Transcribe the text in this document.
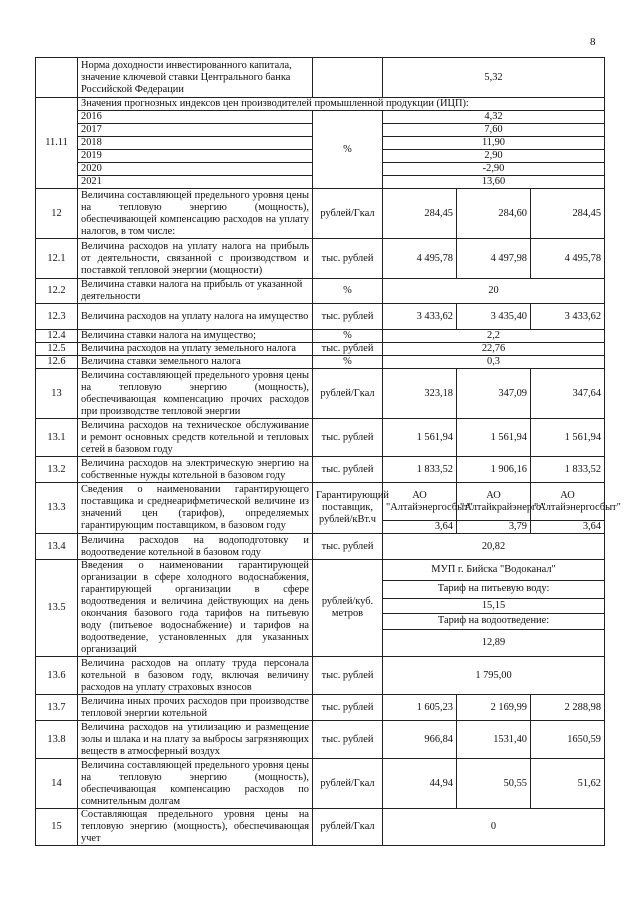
8
	Норма доходности инвестированного капитала, значение ключевой ставки Центрального банка Российской Федерации		5,32		
11.11	Значения прогнозных индексов цен производителей промышленной продукции (ИЦП):				
	2016	%	4,32		
	2017		7,60		
	2018		11,90		
	2019		2,90		
	2020		-2,90		
	2021		13,60		
12	Величина составляющей предельного уровня цены на тепловую энергию (мощность), обеспечивающей компенсацию расходов на уплату налогов, в том числе:	рублей/Гкал	284,45	284,60	284,45
12.1	Величина расходов на уплату налога на прибыль от деятельности, связанной с производством и поставкой тепловой энергии (мощности)	тыс. рублей	4 495,78	4 497,98	4 495,78
12.2	Величина ставки налога на прибыль от указанной деятельности	%	20		
12.3	Величина расходов на уплату налога на имущество	тыс. рублей	3 433,62	3 435,40	3 433,62
12.4	Величина ставки налога на имущество;	%	2,2		
12.5	Величина расходов на уплату земельного налога	тыс. рублей	22,76		
12.6	Величина ставки земельного налога	%	0,3		
13	Величина составляющей предельного уровня цены на тепловую энергию (мощность), обеспечивающая компенсацию прочих расходов при производстве тепловой энергии	рублей/Гкал	323,18	347,09	347,64
13.1	Величина расходов на техническое обслуживание и ремонт основных средств котельной и тепловых сетей в базовом году	тыс. рублей	1 561,94	1 561,94	1 561,94
13.2	Величина расходов на электрическую энергию на собственные нужды котельной в базовом году	тыс. рублей	1 833,52	1 906,16	1 833,52
13.3	Сведения о наименовании гарантирующего поставщика и среднеарифметической величине из значений цен (тарифов), определяемых гарантирующим поставщиком, в базовом году	Гарантирующий поставщик, рублей/кВт.ч	АО "Алтайэнергосбыт"	АО "Алтайкрайэнерго"	АО "Алтайэнергосбыт"
			3,64	3,79	3,64
13.4	Величина расходов на водоподготовку и водоотведение котельной в базовом году	тыс. рублей	20,82		
13.5	Введения о наименовании гарантирующей организации в сфере холодного водоснабжения, гарантирующей организации в сфере водоотведения и величина действующих на день окончания базового года тарифов на питьевую воду (питьевое водоснабжение) и тарифов на водоотведение, установленных для указанных организаций	рублей/куб. метров	МУП г. Бийска "Водоканал"		
			Тариф на питьевую воду:		
			15,15		
			Тариф на водоотведение:		
			12,89		
13.6	Величина расходов на оплату труда персонала котельной в базовом году, включая величину расходов на уплату страховых взносов	тыс. рублей	1 795,00		
13.7	Величина иных прочих расходов при производстве тепловой энергии котельной	тыс. рублей	1 605,23	2 169,99	2 288,98
13.8	Величина расходов на утилизацию и размещение золы и шлака и на плату за выбросы загрязняющих веществ в атмосферный воздух	тыс. рублей	966,84	1531,40	1650,59
14	Величина составляющей предельного уровня цены на тепловую энергию (мощность), обеспечивающая компенсацию расходов по сомнительным долгам	рублей/Гкал	44,94	50,55	51,62
15	Составляющая предельного уровня цены на тепловую энергию (мощность), обеспечивающая учет	рублей/Гкал	0		
